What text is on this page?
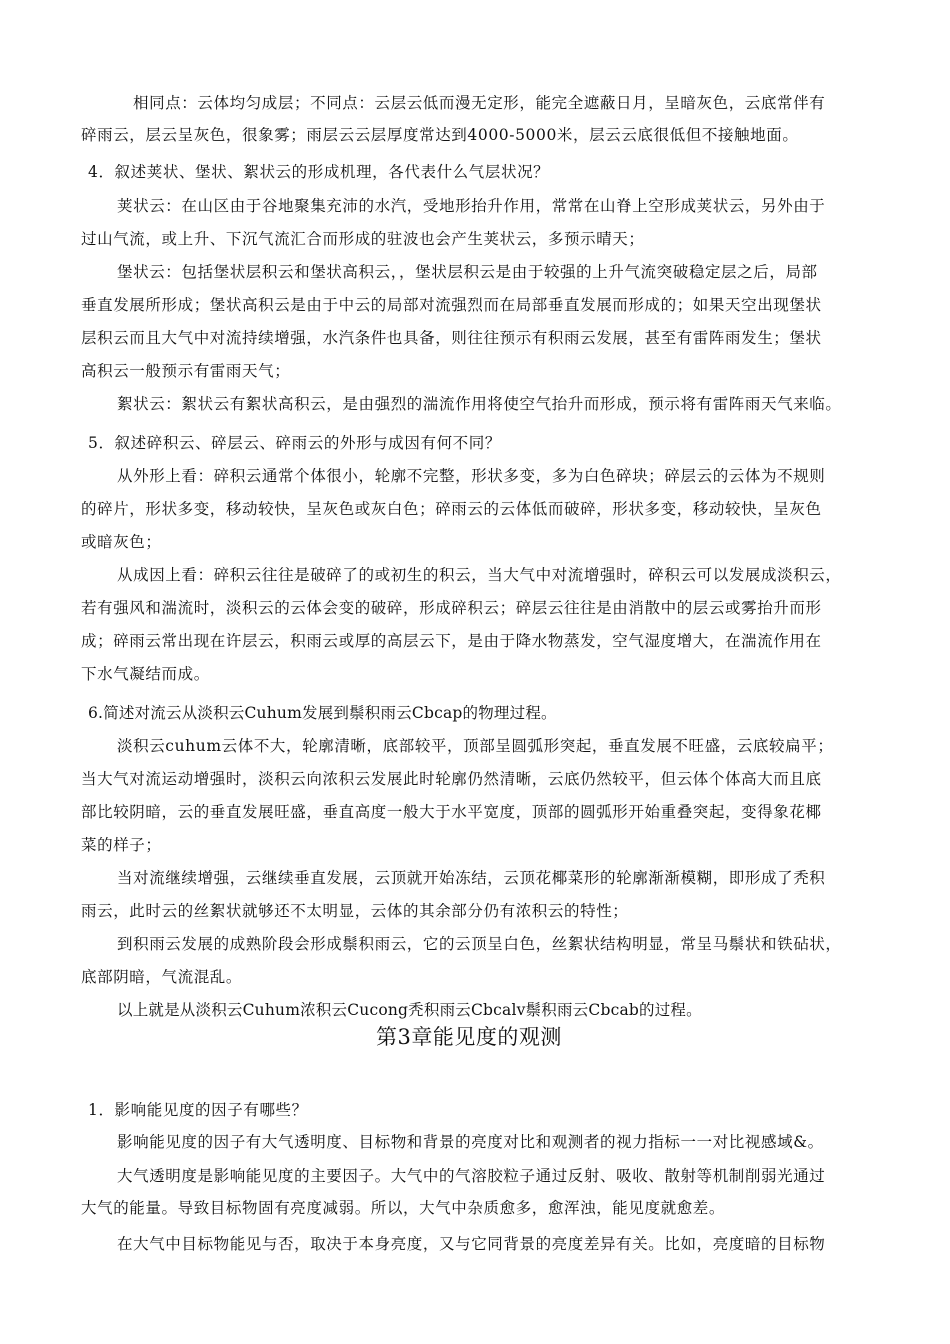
相同点：云体均匀成层；不同点：云层云低而漫无定形，能完全遮蔽日月，呈暗灰色，云底常伴有
碎雨云，层云呈灰色，很象雾；雨层云云层厚度常达到4000-5000米，层云云底很低但不接触地面。
4．叙述荚状、堡状、絮状云的形成机理，各代表什么气层状况？
荚状云：在山区由于谷地聚集充沛的水汽，受地形抬升作用，常常在山脊上空形成荚状云，另外由于
过山气流，或上升、下沉气流汇合而形成的驻波也会产生荚状云，多预示晴天；
堡状云：包括堡状层积云和堡状高积云，，堡状层积云是由于较强的上升气流突破稳定层之后，局部
垂直发展所形成；堡状高积云是由于中云的局部对流强烈而在局部垂直发展而形成的；如果天空出现堡状
层积云而且大气中对流持续增强，水汽条件也具备，则往往预示有积雨云发展，甚至有雷阵雨发生；堡状
高积云一般预示有雷雨天气；
絮状云：絮状云有絮状高积云，是由强烈的湍流作用将使空气抬升而形成，预示将有雷阵雨天气来临。
5．叙述碎积云、碎层云、碎雨云的外形与成因有何不同？
从外形上看：碎积云通常个体很小，轮廓不完整，形状多变，多为白色碎块；碎层云的云体为不规则
的碎片，形状多变，移动较快，呈灰色或灰白色；碎雨云的云体低而破碎，形状多变，移动较快，呈灰色
或暗灰色；
从成因上看：碎积云往往是破碎了的或初生的积云，当大气中对流增强时，碎积云可以发展成淡积云，
若有强风和湍流时，淡积云的云体会变的破碎，形成碎积云；碎层云往往是由消散中的层云或雾抬升而形
成；碎雨云常出现在许层云，积雨云或厚的高层云下，是由于降水物蒸发，空气湿度增大，在湍流作用在
下水气凝结而成。
6.简述对流云从淡积云Cuhum发展到鬃积雨云Cbcap的物理过程。
淡积云cuhum云体不大，轮廓清晰，底部较平，顶部呈圆弧形突起，垂直发展不旺盛，云底较扁平；
当大气对流运动增强时，淡积云向浓积云发展此时轮廓仍然清晰，云底仍然较平，但云体个体高大而且底
部比较阴暗，云的垂直发展旺盛，垂直高度一般大于水平宽度，顶部的圆弧形开始重叠突起，变得象花椰
菜的样子；
当对流继续增强，云继续垂直发展，云顶就开始冻结，云顶花椰菜形的轮廓渐渐模糊，即形成了秃积
雨云，此时云的丝絮状就够还不太明显，云体的其余部分仍有浓积云的特性；
到积雨云发展的成熟阶段会形成鬃积雨云，它的云顶呈白色，丝絮状结构明显，常呈马鬃状和铁砧状，
底部阴暗，气流混乱。
以上就是从淡积云Cuhum浓积云Cucong秃积雨云Cbcalv鬃积雨云Cbcab的过程。
第3章能见度的观测
1．影响能见度的因子有哪些？
影响能见度的因子有大气透明度、目标物和背景的亮度对比和观测者的视力指标一一对比视感域&。
大气透明度是影响能见度的主要因子。大气中的气溶胶粒子通过反射、吸收、散射等机制削弱光通过
大气的能量。导致目标物固有亮度减弱。所以，大气中杂质愈多，愈浑浊，能见度就愈差。
在大气中目标物能见与否，取决于本身亮度，又与它同背景的亮度差异有关。比如，亮度暗的目标物
